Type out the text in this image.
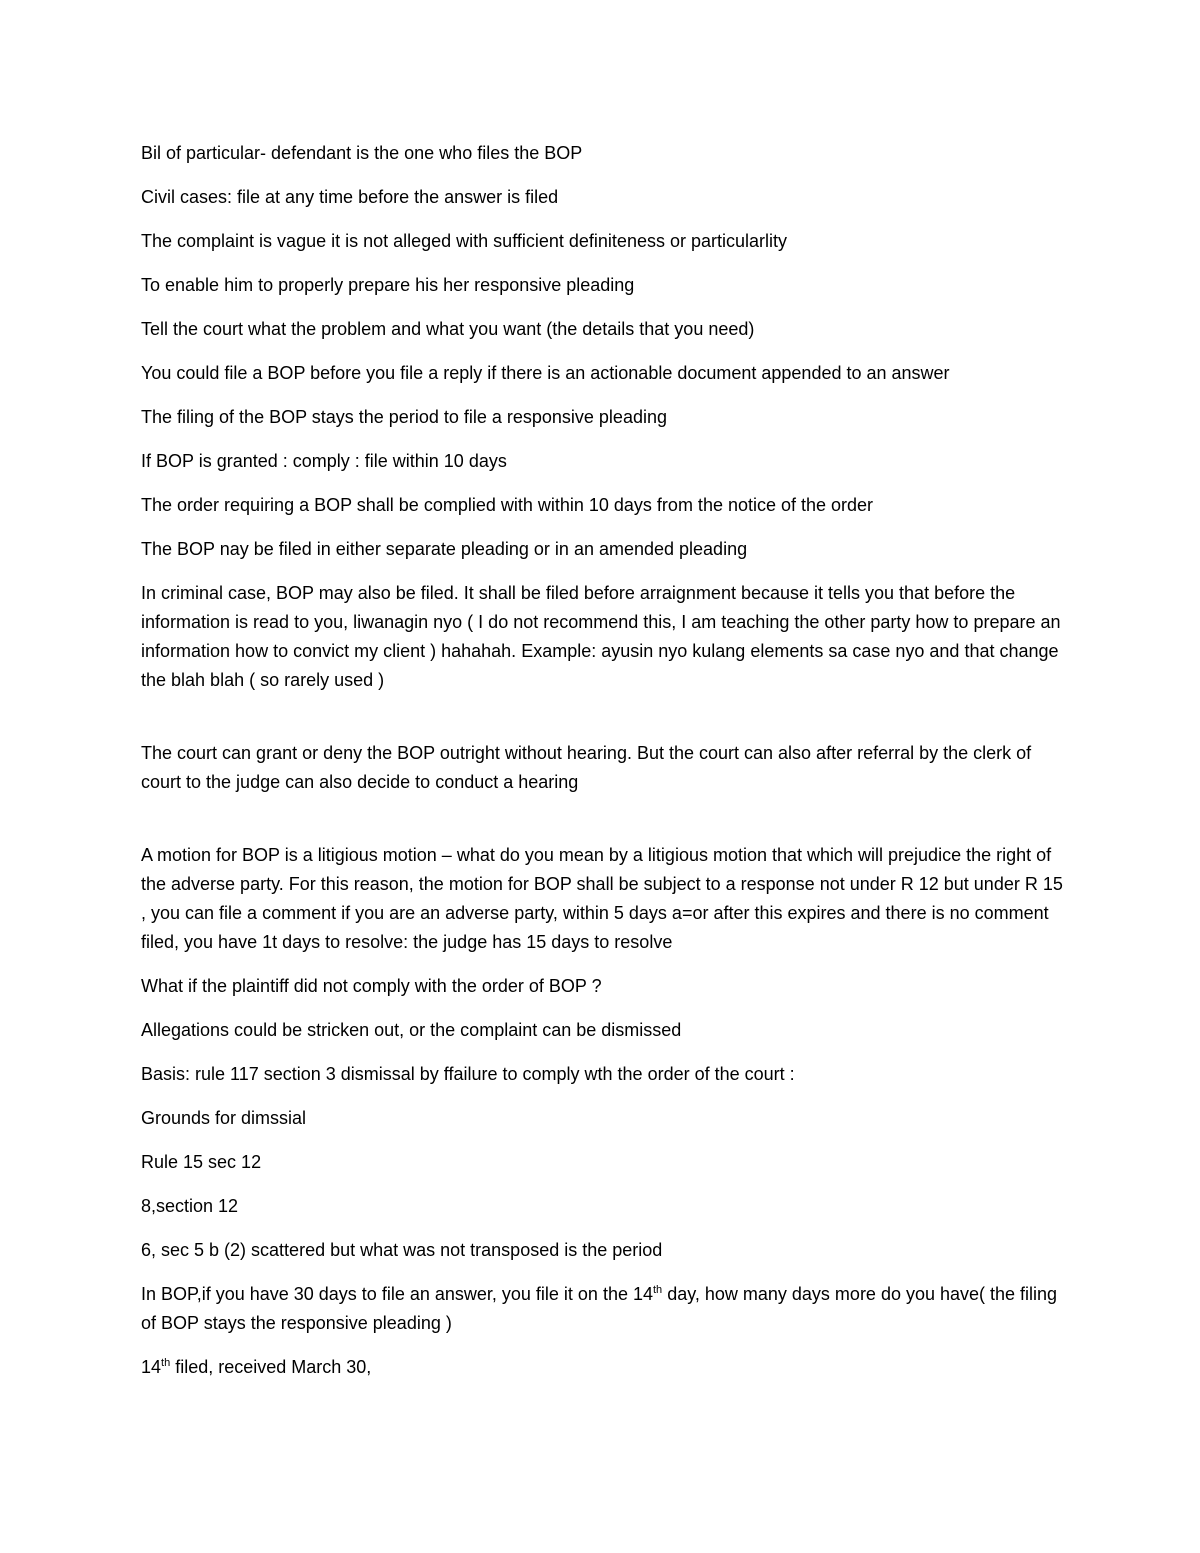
Bil of particular- defendant is the one who files the BOP

Civil cases: file at any time before the answer is filed

The complaint is vague it is not alleged with sufficient definiteness or particularlity

To enable him to properly prepare his her responsive pleading

Tell the court what the problem and what you want (the details that you need)

You could file a BOP before you file a reply if there is an actionable document appended to an answer

The filing of the BOP stays the period to file a responsive pleading

If BOP is granted : comply : file within 10 days

The order requiring a BOP shall be complied with within 10 days from the notice of the order

The BOP nay be filed in either separate pleading or in an amended pleading

In criminal case, BOP may also be filed. It shall be filed before arraignment because it tells you that before the information is read to you, liwanagin nyo ( I do not recommend this, I am teaching the other party how to prepare an information how to convict my client ) hahahah. Example: ayusin nyo kulang elements sa case nyo and that change the blah blah ( so rarely used )

The court can grant or deny the BOP outright without hearing. But the court can also after referral by the clerk of court to the judge can also decide to conduct a hearing

A motion for BOP is a litigious motion – what do you mean by a litigious motion that which will prejudice the right of the adverse party. For this reason, the motion for BOP shall be subject to a response not under R 12 but under R 15 , you can file a comment if you are an adverse party, within 5 days a=or after this expires and there is no comment filed, you have 1t days to resolve: the judge has 15 days to resolve

What if the plaintiff did not comply with the order of BOP ?

Allegations could be stricken out, or the complaint can be dismissed

Basis: rule 117 section 3 dismissal by ffailure to comply wth the order of the court :

Grounds for dimssial

Rule 15 sec 12

8,section 12

6, sec 5 b (2) scattered but what was not transposed is the period

In BOP,if you have 30 days to file an answer, you file it on the 14th day, how many days more do you have( the filing of BOP stays the responsive pleading )

14th filed, received March 30,
